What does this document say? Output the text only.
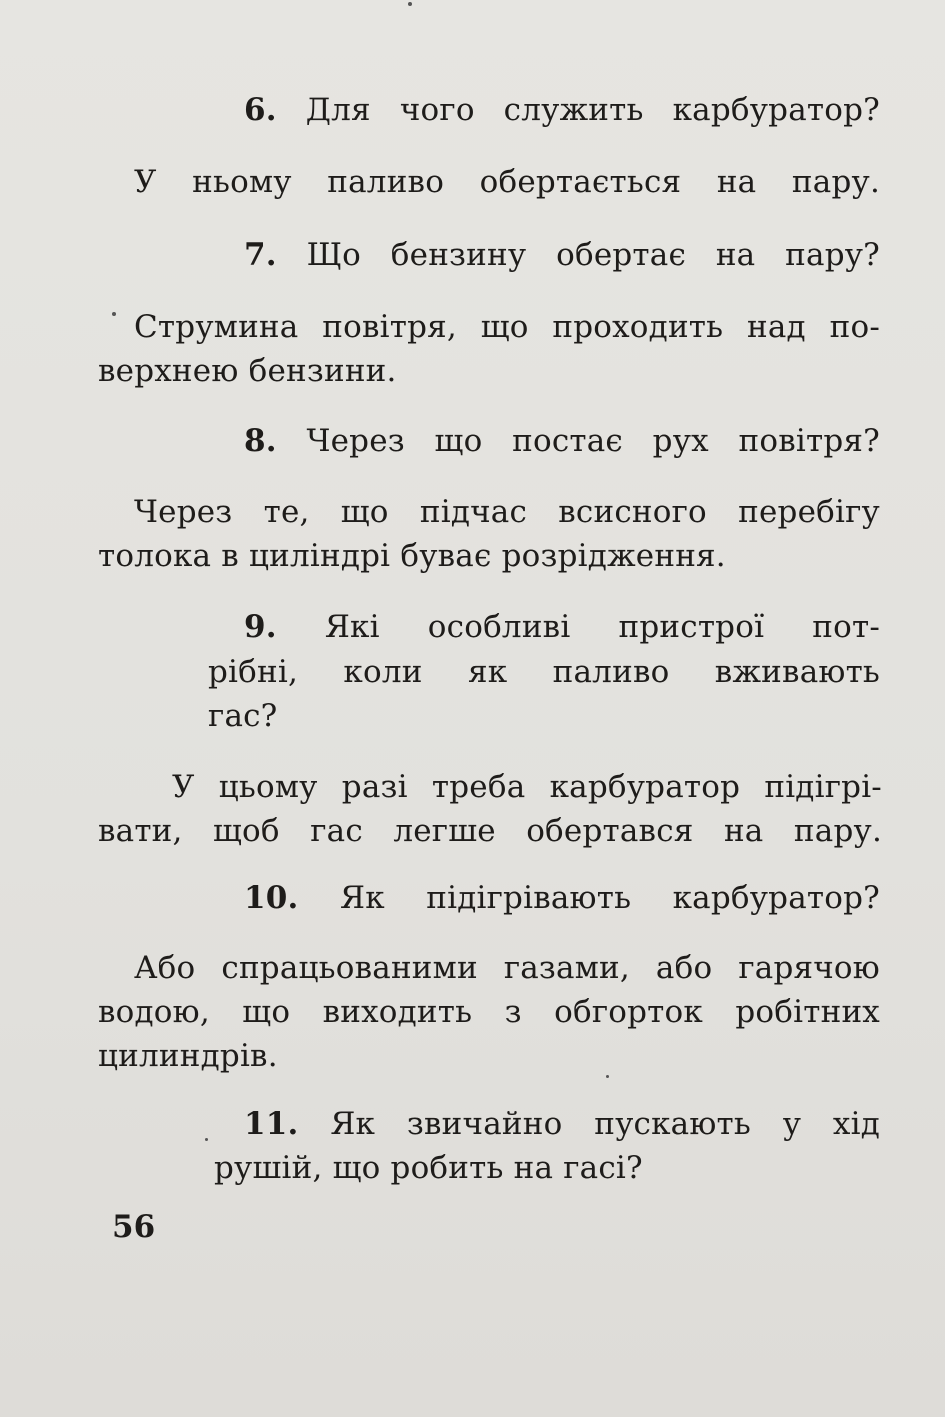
6. Для чого служить карбуратор?
У ньому паливо обертається на пару.
7. Що бензину обертає на пару?
Струмина повітря, що проходить над по-
верхнею бензини.
8. Через що постає рух повітря?
Через те, що підчас всисного перебігу
толока в циліндрі буває розрідження.
9. Які особливі пристрої пот-
рібні, коли як паливо вживають
гас?
У цьому разі треба карбуратор підігрі-
вати, щоб гас легше обертався на пару.
10. Як підігрівають карбуратор?
Або спрацьованими газами, або гарячою
водою, що виходить з обгорток робітних
цилиндрів.
11. Як звичайно пускають у хід
рушій, що робить на гасі?
56
